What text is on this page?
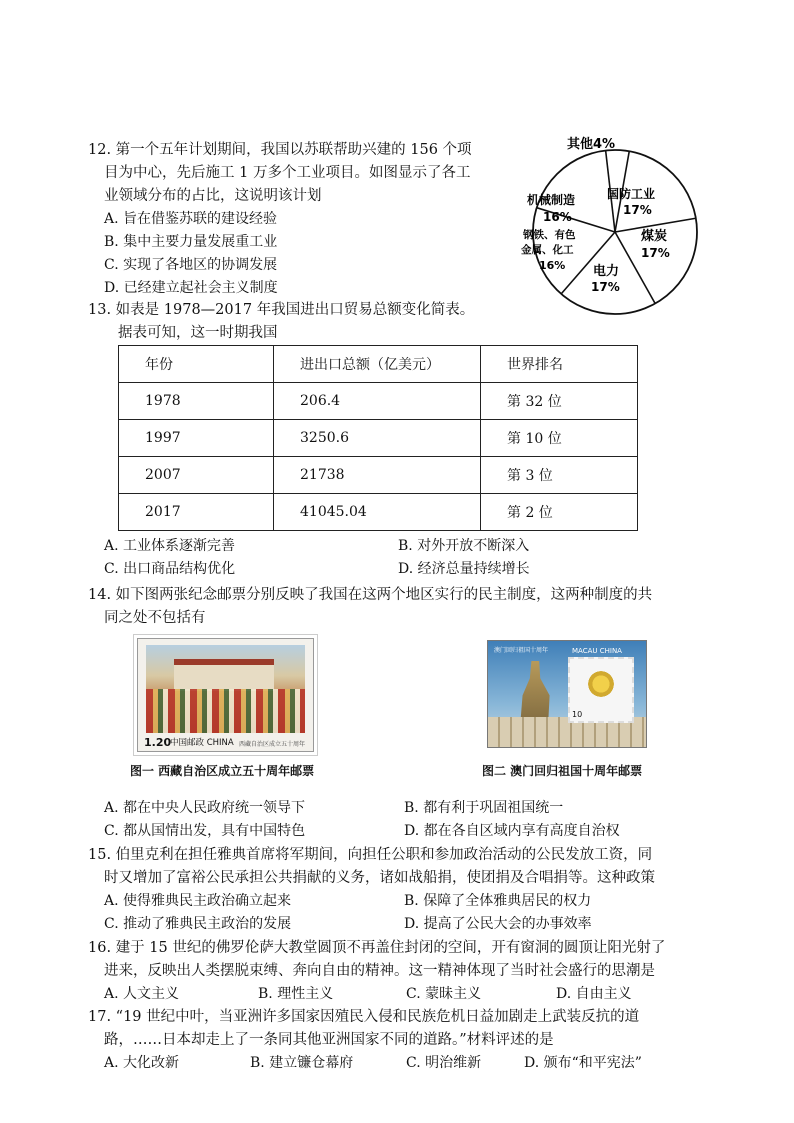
12. 第一个五年计划期间，我国以苏联帮助兴建的 156 个项
目为中心，先后施工 1 万多个工业项目。如图显示了各工
业领域分布的占比，这说明该计划
A. 旨在借鉴苏联的建设经验
B. 集中主要力量发展重工业
C. 实现了各地区的协调发展
D. 已经建立起社会主义制度
其他4%
国防工业
17%
煤炭
17%
电力
17%
钢铁、有色
金属、化工
16%
机械制造
16%
13. 如表是 1978—2017 年我国进出口贸易总额变化简表。
据表可知，这一时期我国
年份	进出口总额（亿美元）	世界排名
1978	206.4	第 32 位
1997	3250.6	第 10 位
2007	21738	第 3 位
2017	41045.04	第 2 位
A. 工业体系逐渐完善	B. 对外开放不断深入
C. 出口商品结构优化	D. 经济总量持续增长
14. 如下图两张纪念邮票分别反映了我国在这两个地区实行的民主制度，这两种制度的共
同之处不包括有
1.20
中国邮政 CHINA 西藏自治区成立五十周年
澳门回归祖国十周年	MACAU CHINA
10
图一 西藏自治区成立五十周年邮票	图二 澳门回归祖国十周年邮票
A. 都在中央人民政府统一领导下	B. 都有利于巩固祖国统一
C. 都从国情出发，具有中国特色	D. 都在各自区域内享有高度自治权
15. 伯里克利在担任雅典首席将军期间，向担任公职和参加政治活动的公民发放工资，同
时又增加了富裕公民承担公共捐献的义务，诸如战船捐，使团捐及合唱捐等。这种政策
A. 使得雅典民主政治确立起来	B. 保障了全体雅典居民的权力
C. 推动了雅典民主政治的发展	D. 提高了公民大会的办事效率
16. 建于 15 世纪的佛罗伦萨大教堂圆顶不再盖住封闭的空间，开有窗洞的圆顶让阳光射了
进来，反映出人类摆脱束缚、奔向自由的精神。这一精神体现了当时社会盛行的思潮是
A. 人文主义	B. 理性主义	C. 蒙昧主义	D. 自由主义
17. “19 世纪中叶，当亚洲许多国家因殖民入侵和民族危机日益加剧走上武装反抗的道
路，……日本却走上了一条同其他亚洲国家不同的道路。”材料评述的是
A. 大化改新	B. 建立镰仓幕府	C. 明治维新	D. 颁布“和平宪法”
